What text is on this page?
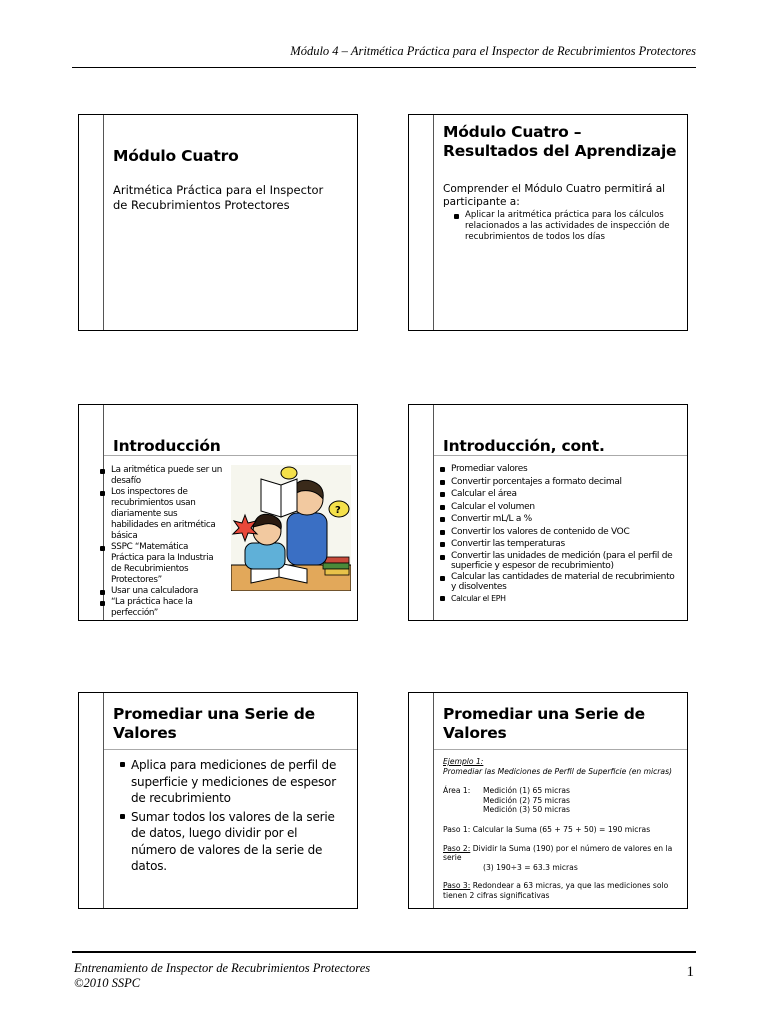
Módulo 4 – Aritmética Práctica para el Inspector de Recubrimientos Protectores
Módulo Cuatro
Aritmética Práctica para el Inspector de Recubrimientos Protectores
Módulo Cuatro –
Resultados del Aprendizaje
Comprender el Módulo Cuatro permitirá al participante a:
Aplicar la aritmética práctica para los cálculos relacionados a las actividades de inspección de recubrimientos de todos los días
Introducción
La aritmética puede ser un desafío
Los inspectores de recubrimientos usan diariamente sus habilidades en aritmética básica
SSPC “Matemática Práctica para la Industria de Recubrimientos Protectores”
Usar una calculadora
“La práctica hace la perfección”
?
Introducción, cont.
Promediar valores
Convertir porcentajes a formato decimal
Calcular el área
Calcular el volumen
Convertir mL/L a %
Convertir los valores de contenido de VOC
Convertir las temperaturas
Convertir las unidades de medición (para el perfil de superficie y espesor de recubrimiento)
Calcular las cantidades de material de recubrimiento y disolventes
Calcular el EPH
Promediar una Serie de
Valores
Aplica para mediciones de perfil de superficie y mediciones de espesor de recubrimiento
Sumar todos los valores de la serie de datos, luego dividir por el número de valores de la serie de datos.
Promediar una Serie de
Valores

Ejemplo 1:

Promediar las Mediciones de Perfil de Superficie (en micras)

Área 1:	Medición (1) 65 micras

Medición (2) 75 micras

Medición (3) 50 micras

Paso 1: Calcular la Suma (65 + 75 + 50) = 190 micras

Paso 2: Dividir la Suma (190) por el número de valores en la serie

(3) 190÷3 = 63.3 micras

Paso 3: Redondear a 63 micras, ya que las mediciones solo tienen 2 cifras significativas

Entrenamiento de Inspector de Recubrimientos Protectores
©2010 SSPC
1
